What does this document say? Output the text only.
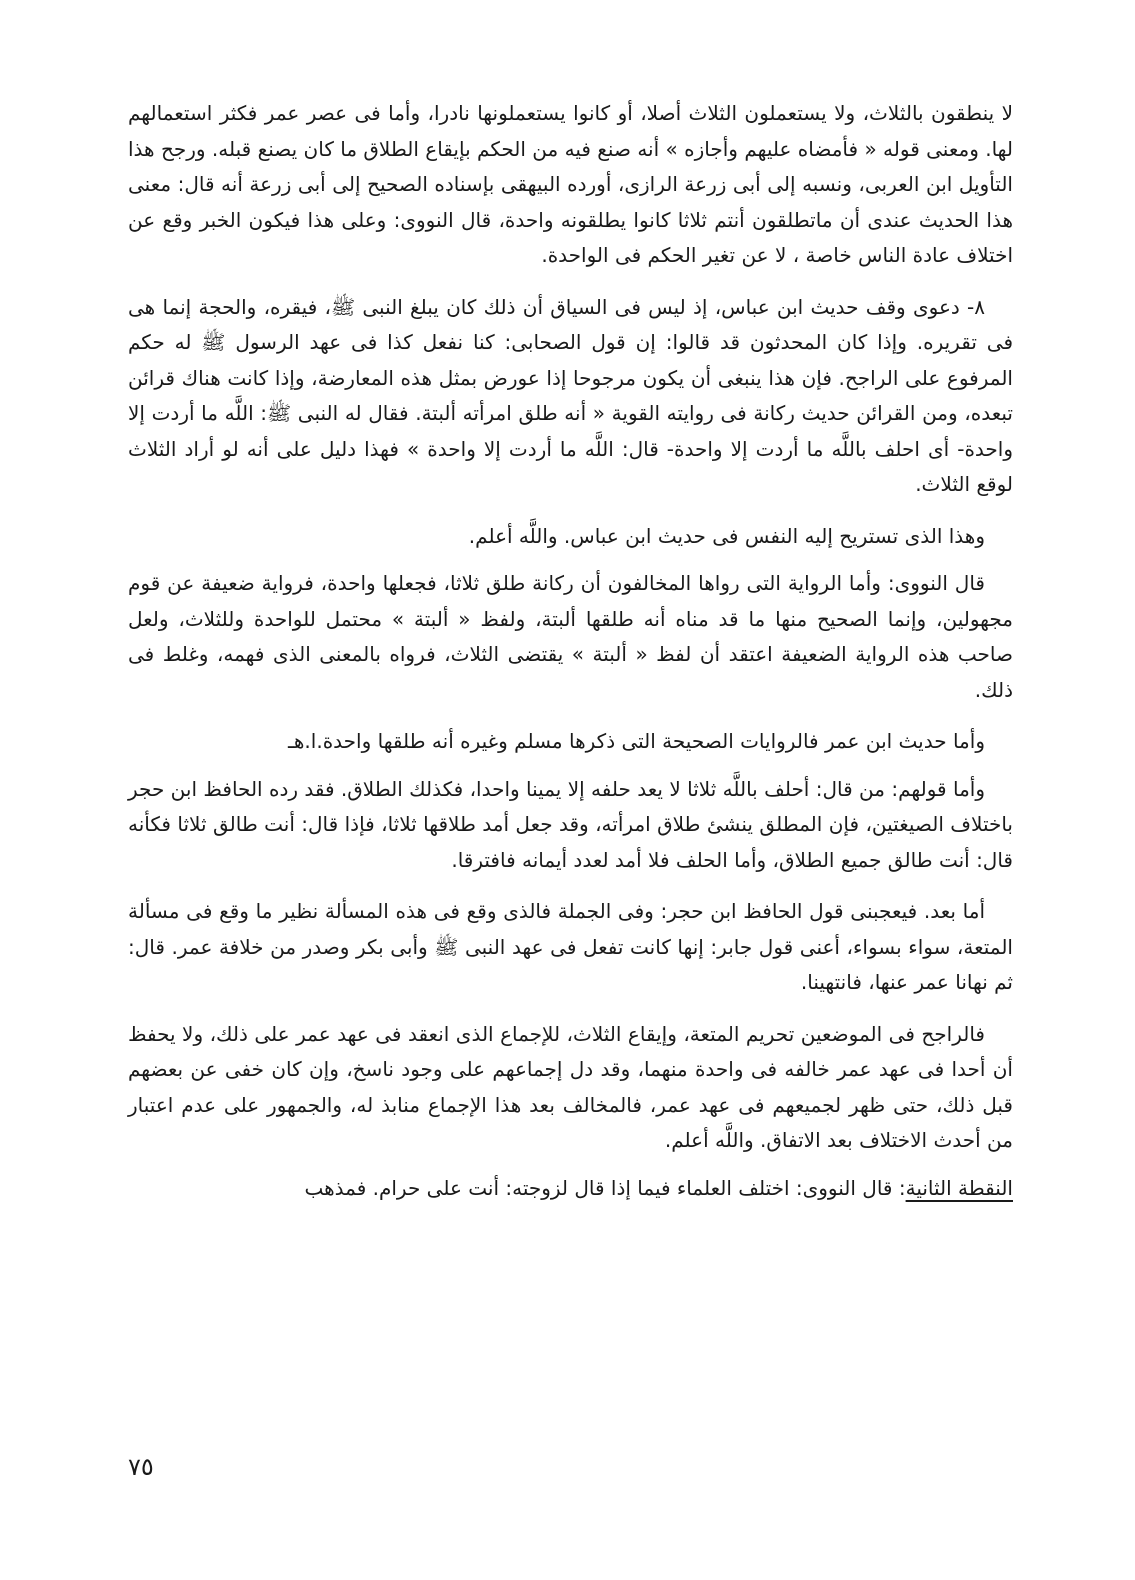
لا ينطقون بالثلاث، ولا يستعملون الثلاث أصلا، أو كانوا يستعملونها نادرا، وأما فى عصر عمر فكثر استعمالهم لها. ومعنى قوله « فأمضاه عليهم وأجازه » أنه صنع فيه من الحكم بإيقاع الطلاق ما كان يصنع قبله. ورجح هذا التأويل ابن العربى، ونسبه إلى أبى زرعة الرازى، أورده البيهقى بإسناده الصحيح إلى أبى زرعة أنه قال: معنى هذا الحديث عندى أن ماتطلقون أنتم ثلاثا كانوا يطلقونه واحدة، قال النووى: وعلى هذا فيكون الخبر وقع عن اختلاف عادة الناس خاصة ، لا عن تغير الحكم فى الواحدة.

٨- دعوى وقف حديث ابن عباس، إذ ليس فى السياق أن ذلك كان يبلغ النبى ﷺ، فيقره، والحجة إنما هى فى تقريره. وإذا كان المحدثون قد قالوا: إن قول الصحابى: كنا نفعل كذا فى عهد الرسول ﷺ له حكم المرفوع على الراجح. فإن هذا ينبغى أن يكون مرجوحا إذا عورض بمثل هذه المعارضة، وإذا كانت هناك قرائن تبعده، ومن القرائن حديث ركانة فى روايته القوية « أنه طلق امرأته ألبتة. فقال له النبى ﷺ: اللَّه ما أردت إلا واحدة- أى احلف باللَّه ما أردت إلا واحدة- قال: اللَّه ما أردت إلا واحدة » فهذا دليل على أنه لو أراد الثلاث لوقع الثلاث.

وهذا الذى تستريح إليه النفس فى حديث ابن عباس. واللَّه أعلم.

قال النووى: وأما الرواية التى رواها المخالفون أن ركانة طلق ثلاثا، فجعلها واحدة، فرواية ضعيفة عن قوم مجهولين، وإنما الصحيح منها ما قد مناه أنه طلقها ألبتة، ولفظ « ألبتة » محتمل للواحدة وللثلاث، ولعل صاحب هذه الرواية الضعيفة اعتقد أن لفظ « ألبتة » يقتضى الثلاث، فرواه بالمعنى الذى فهمه، وغلط فى ذلك.

وأما حديث ابن عمر فالروايات الصحيحة التى ذكرها مسلم وغيره أنه طلقها واحدة.ا.هـ

وأما قولهم: من قال: أحلف باللَّه ثلاثا لا يعد حلفه إلا يمينا واحدا، فكذلك الطلاق. فقد رده الحافظ ابن حجر باختلاف الصيغتين، فإن المطلق ينشئ طلاق امرأته، وقد جعل أمد طلاقها ثلاثا، فإذا قال: أنت طالق ثلاثا فكأنه قال: أنت طالق جميع الطلاق، وأما الحلف فلا أمد لعدد أيمانه فافترقا.

أما بعد. فيعجبنى قول الحافظ ابن حجر: وفى الجملة فالذى وقع فى هذه المسألة نظير ما وقع فى مسألة المتعة، سواء بسواء، أعنى قول جابر: إنها كانت تفعل فى عهد النبى ﷺ وأبى بكر وصدر من خلافة عمر. قال: ثم نهانا عمر عنها، فانتهينا.

فالراجح فى الموضعين تحريم المتعة، وإيقاع الثلاث، للإجماع الذى انعقد فى عهد عمر على ذلك، ولا يحفظ أن أحدا فى عهد عمر خالفه فى واحدة منهما، وقد دل إجماعهم على وجود ناسخ، وإن كان خفى عن بعضهم قبل ذلك، حتى ظهر لجميعهم فى عهد عمر، فالمخالف بعد هذا الإجماع منابذ له، والجمهور على عدم اعتبار من أحدث الاختلاف بعد الاتفاق. واللَّه أعلم.

النقطة الثانية: قال النووى: اختلف العلماء فيما إذا قال لزوجته: أنت على حرام. فمذهب

٧٥
